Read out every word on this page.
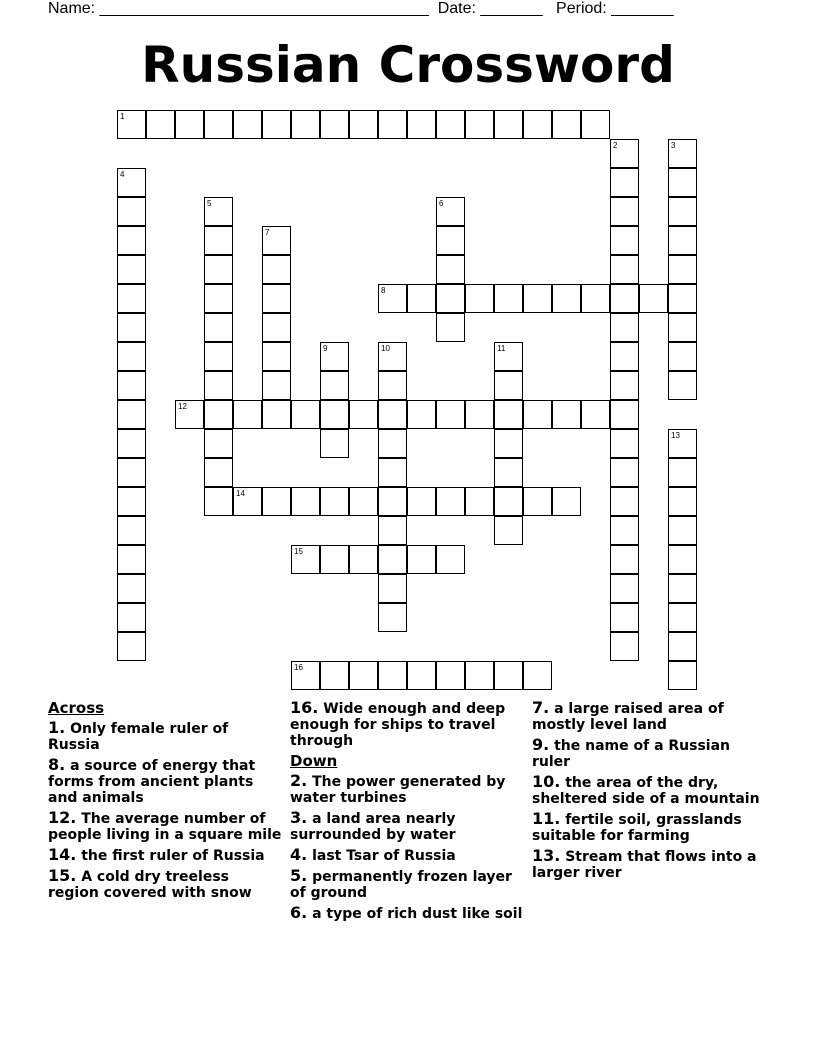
Name: _____________________________________ Date: _______ Period: _______
Russian Crossword
1
2	3
4
5	6
7
8
9	10	11
12
13
14
15
16
Across
1. Only female ruler of Russia
8. a source of energy that forms from ancient plants and animals
12. The average number of people living in a square mile
14. the first ruler of Russia
15. A cold dry treeless region covered with snow
16. Wide enough and deep enough for ships to travel through
Down
2. The power generated by water turbines
3. a land area nearly surrounded by water
4. last Tsar of Russia
5. permanently frozen layer of ground
6. a type of rich dust like soil
7. a large raised area of mostly level land
9. the name of a Russian ruler
10. the area of the dry, sheltered side of a mountain
11. fertile soil, grasslands suitable for farming
13. Stream that flows into a larger river
